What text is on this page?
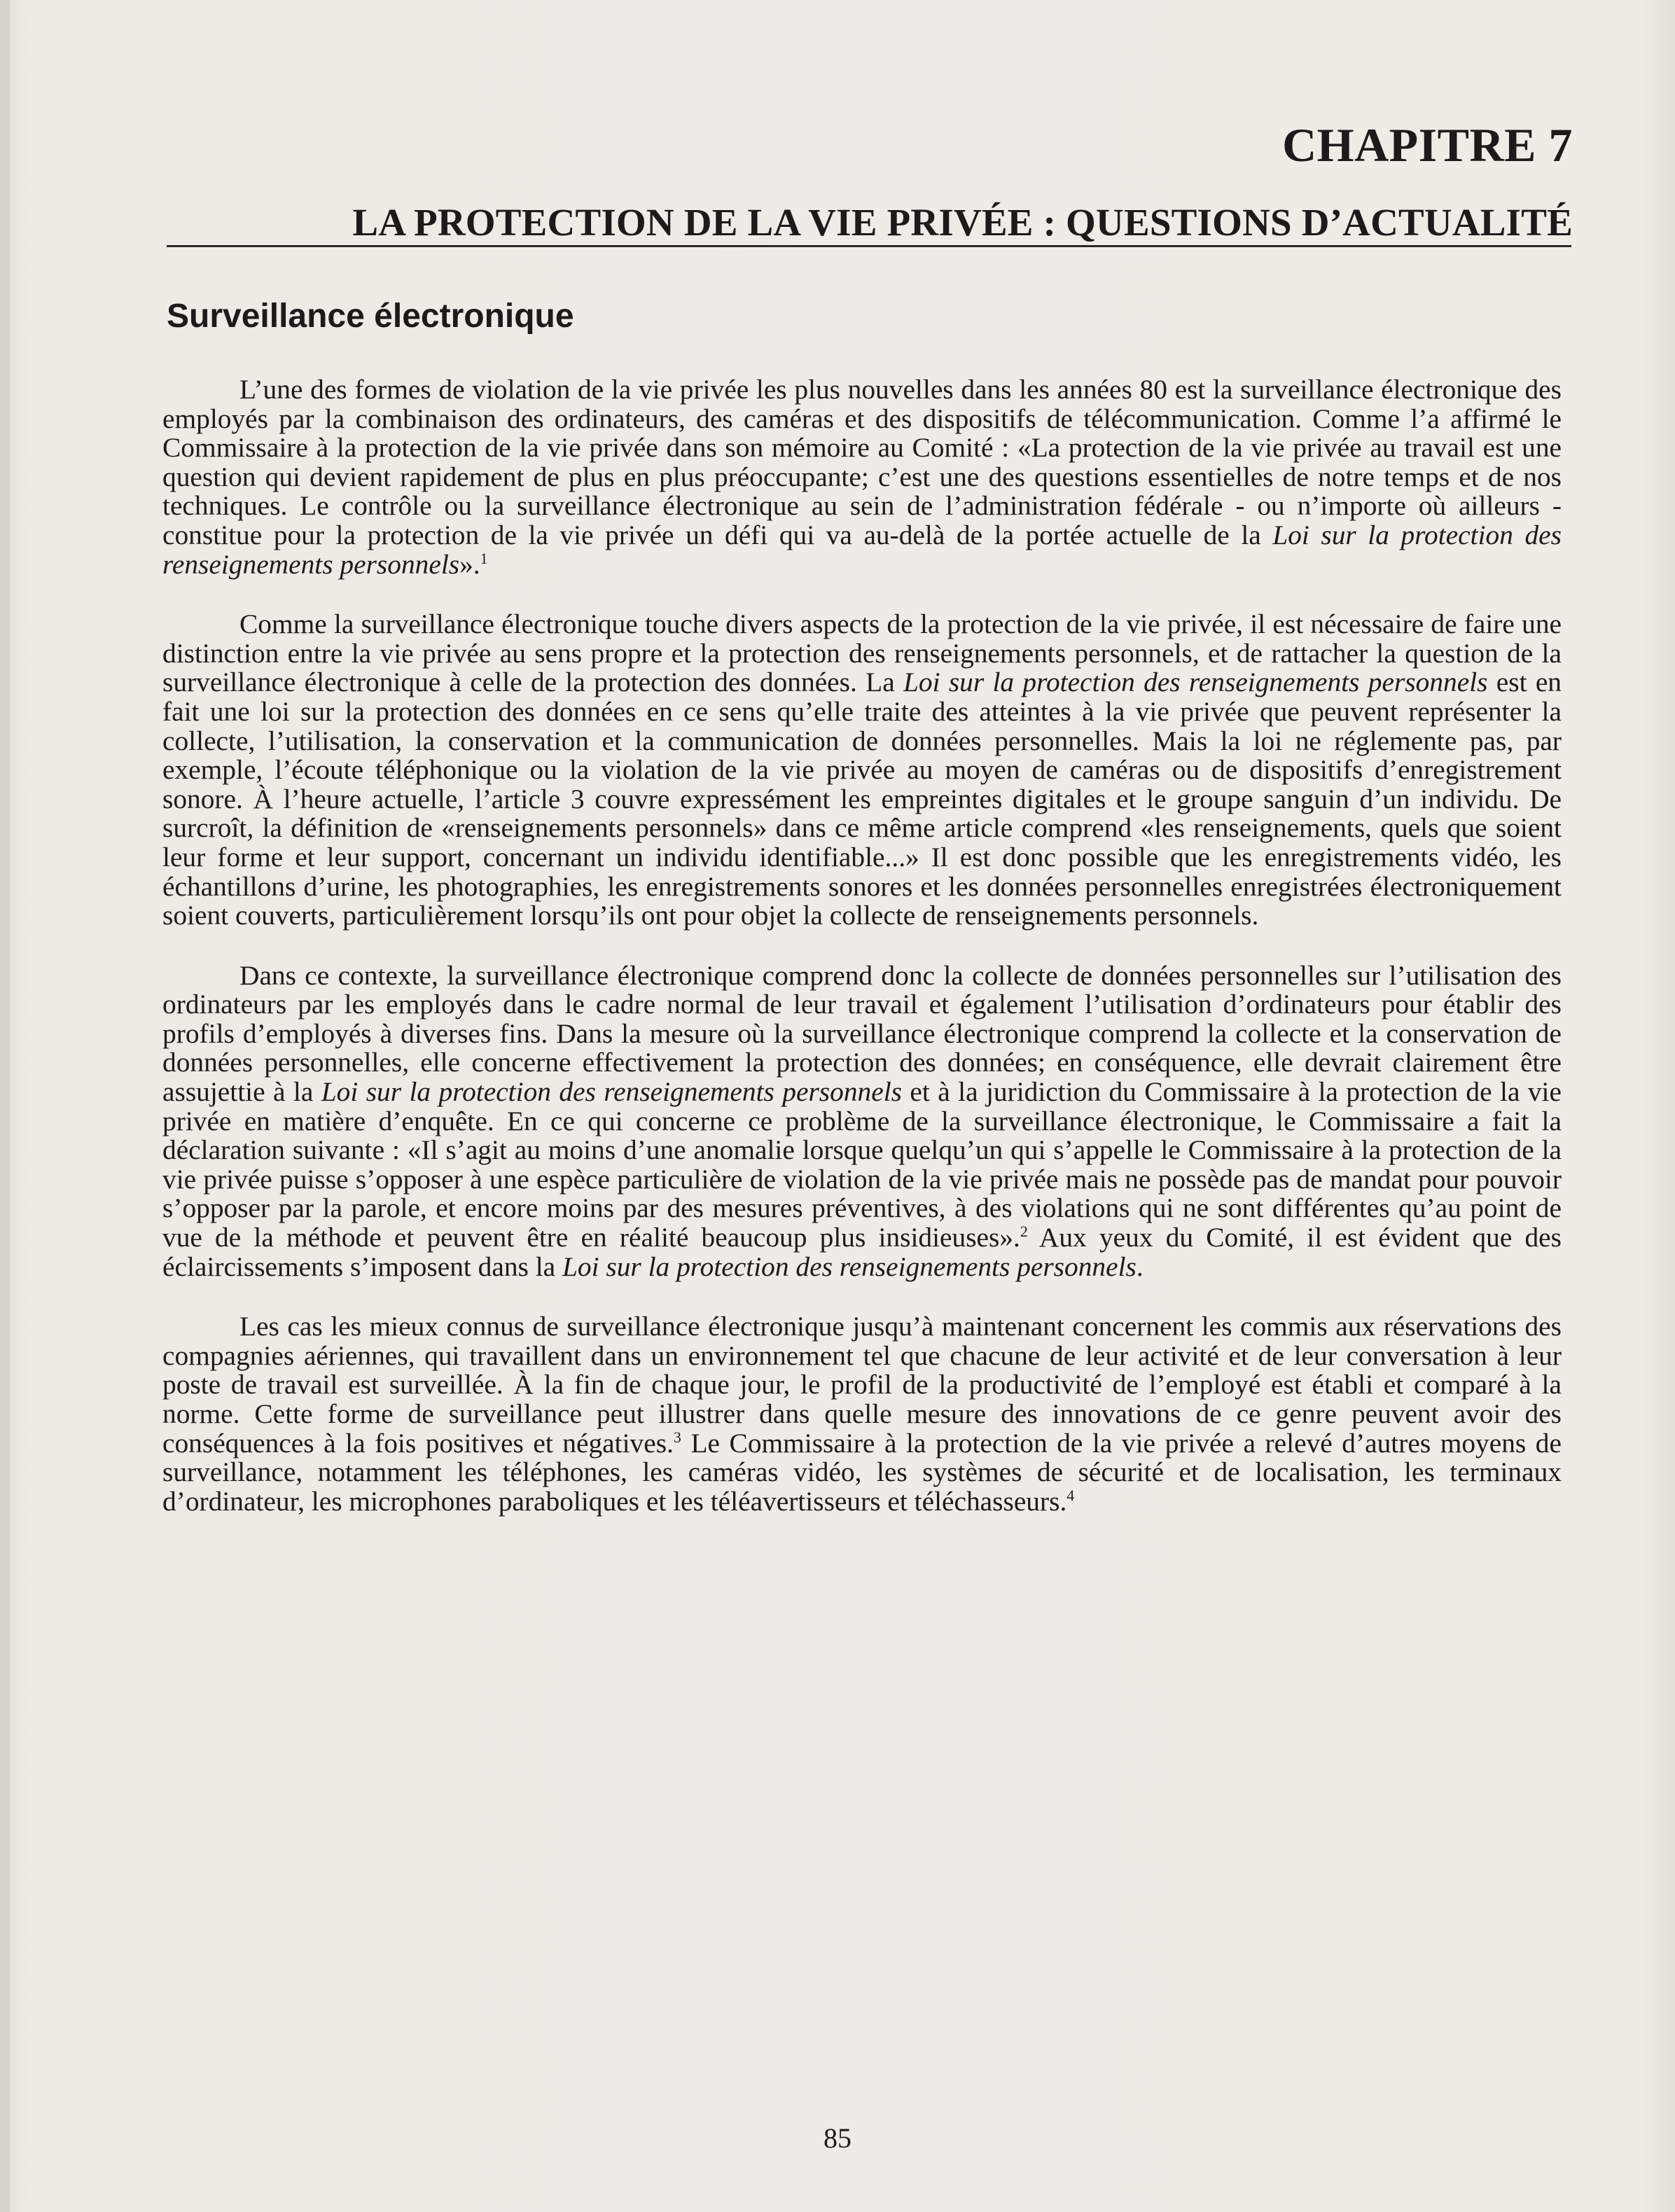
CHAPITRE 7
LA PROTECTION DE LA VIE PRIVÉE : QUESTIONS D’ACTUALITÉ
Surveillance électronique

L’une des formes de violation de la vie privée les plus nouvelles dans les années 80 est la surveillance électronique des employés par la combinaison des ordinateurs, des caméras et des dispositifs de télécommunication. Comme l’a affirmé le Commissaire à la protection de la vie privée dans son mémoire au Comité : «La protection de la vie privée au travail est une question qui devient rapidement de plus en plus préoccupante; c’est une des questions essentielles de notre temps et de nos techniques. Le contrôle ou la surveillance électronique au sein de l’administration fédérale - ou n’importe où ailleurs - constitue pour la protection de la vie privée un défi qui va au-delà de la portée actuelle de la Loi sur la protection des renseignements personnels».$^1$

Comme la surveillance électronique touche divers aspects de la protection de la vie privée, il est nécessaire de faire une distinction entre la vie privée au sens propre et la protection des renseignements personnels, et de rattacher la question de la surveillance électronique à celle de la protection des données. La Loi sur la protection des renseignements personnels est en fait une loi sur la protection des données en ce sens qu’elle traite des atteintes à la vie privée que peuvent représenter la collecte, l’utilisation, la conservation et la communication de données personnelles. Mais la loi ne réglemente pas, par exemple, l’écoute téléphonique ou la violation de la vie privée au moyen de caméras ou de dispositifs d’enregistrement sonore. À l’heure actuelle, l’article 3 couvre expressément les empreintes digitales et le groupe sanguin d’un individu. De surcroît, la définition de «renseignements personnels» dans ce même article comprend «les renseignements, quels que soient leur forme et leur support, concernant un individu identifiable...» Il est donc possible que les enregistrements vidéo, les échantillons d’urine, les photographies, les enregistrements sonores et les données personnelles enregistrées électroniquement soient couverts, particulièrement lorsqu’ils ont pour objet la collecte de renseignements personnels.

Dans ce contexte, la surveillance électronique comprend donc la collecte de données personnelles sur l’utilisation des ordinateurs par les employés dans le cadre normal de leur travail et également l’utilisation d’ordinateurs pour établir des profils d’employés à diverses fins. Dans la mesure où la surveillance électronique comprend la collecte et la conservation de données personnelles, elle concerne effectivement la protection des données; en conséquence, elle devrait clairement être assujettie à la Loi sur la protection des renseignements personnels et à la juridiction du Commissaire à la protection de la vie privée en matière d’enquête. En ce qui concerne ce problème de la surveillance électronique, le Commissaire a fait la déclaration suivante : «Il s’agit au moins d’une anomalie lorsque quelqu’un qui s’appelle le Commissaire à la protection de la vie privée puisse s’opposer à une espèce particulière de violation de la vie privée mais ne possède pas de mandat pour pouvoir s’opposer par la parole, et encore moins par des mesures préventives, à des violations qui ne sont différentes qu’au point de vue de la méthode et peuvent être en réalité beaucoup plus insidieuses».$^2$ Aux yeux du Comité, il est évident que des éclaircissements s’imposent dans la Loi sur la protection des renseignements personnels.

Les cas les mieux connus de surveillance électronique jusqu’à maintenant concernent les commis aux réservations des compagnies aériennes, qui travaillent dans un environnement tel que chacune de leur activité et de leur conversation à leur poste de travail est surveillée. À la fin de chaque jour, le profil de la productivité de l’employé est établi et comparé à la norme. Cette forme de surveillance peut illustrer dans quelle mesure des innovations de ce genre peuvent avoir des conséquences à la fois positives et négatives.$^3$ Le Commissaire à la protection de la vie privée a relevé d’autres moyens de surveillance, notamment les téléphones, les caméras vidéo, les systèmes de sécurité et de localisation, les terminaux d’ordinateur, les microphones paraboliques et les téléavertisseurs et téléchasseurs.$^4$

85
